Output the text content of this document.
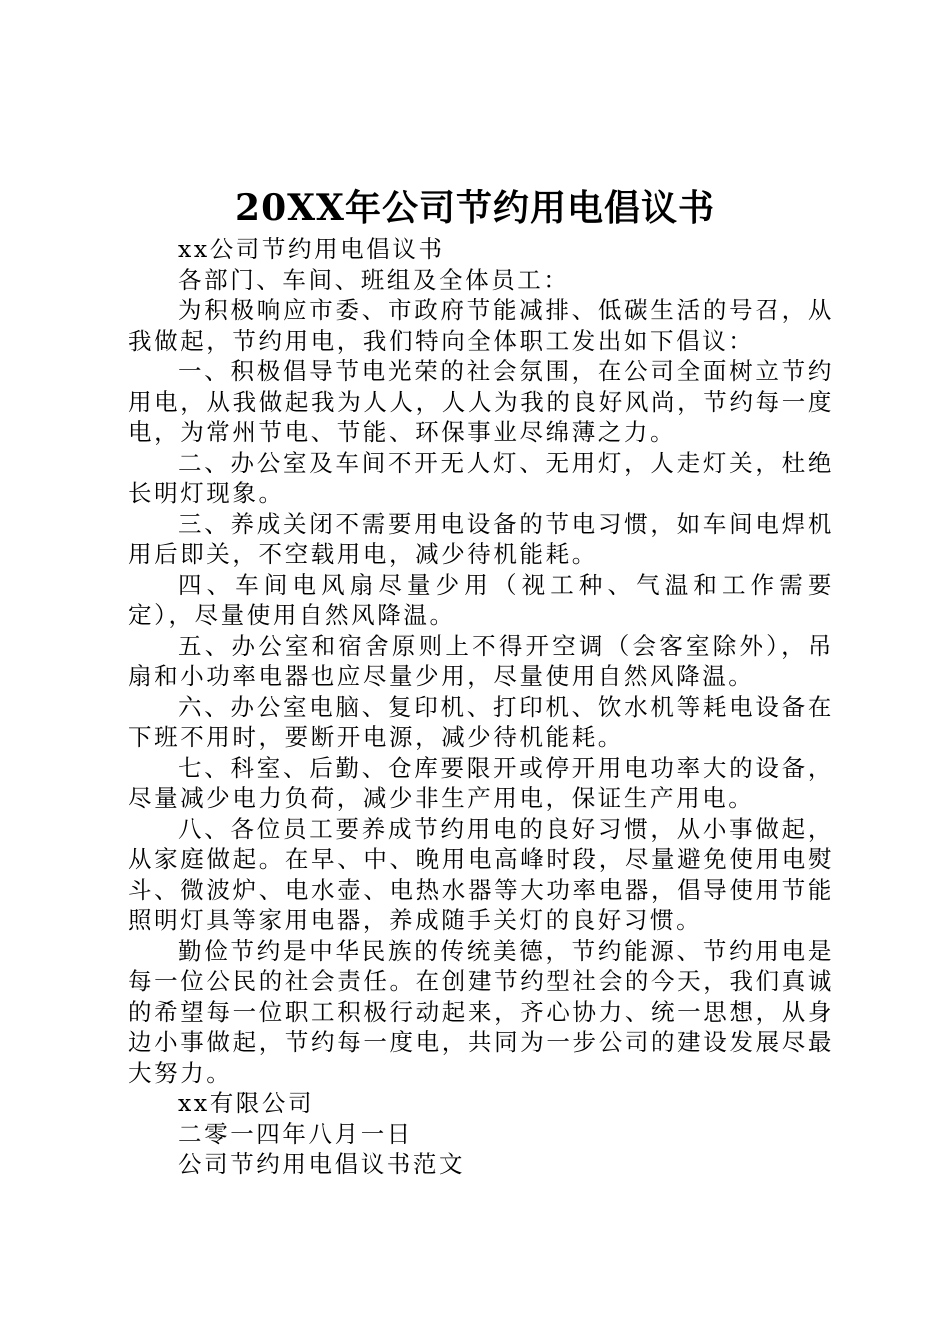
20XX年公司节约用电倡议书

xx公司节约用电倡议书

各部门、车间、班组及全体员工：

为积极响应市委、市政府节能减排、低碳生活的号召，从我做起，节约用电，我们特向全体职工发出如下倡议：

一、积极倡导节电光荣的社会氛围，在公司全面树立节约用电，从我做起我为人人，人人为我的良好风尚，节约每一度电，为常州节电、节能、环保事业尽绵薄之力。

二、办公室及车间不开无人灯、无用灯，人走灯关，杜绝长明灯现象。

三、养成关闭不需要用电设备的节电习惯，如车间电焊机用后即关，不空载用电，减少待机能耗。

四、车间电风扇尽量少用（视工种、气温和工作需要定），尽量使用自然风降温。

五、办公室和宿舍原则上不得开空调（会客室除外），吊扇和小功率电器也应尽量少用，尽量使用自然风降温。

六、办公室电脑、复印机、打印机、饮水机等耗电设备在下班不用时，要断开电源，减少待机能耗。

七、科室、后勤、仓库要限开或停开用电功率大的设备，尽量减少电力负荷，减少非生产用电，保证生产用电。

八、各位员工要养成节约用电的良好习惯，从小事做起，从家庭做起。在早、中、晚用电高峰时段，尽量避免使用电熨斗、微波炉、电水壶、电热水器等大功率电器，倡导使用节能照明灯具等家用电器，养成随手关灯的良好习惯。

勤俭节约是中华民族的传统美德，节约能源、节约用电是每一位公民的社会责任。在创建节约型社会的今天，我们真诚的希望每一位职工积极行动起来，齐心协力、统一思想，从身边小事做起，节约每一度电，共同为一步公司的建设发展尽最大努力。

xx有限公司

二零一四年八月一日

公司节约用电倡议书范文
